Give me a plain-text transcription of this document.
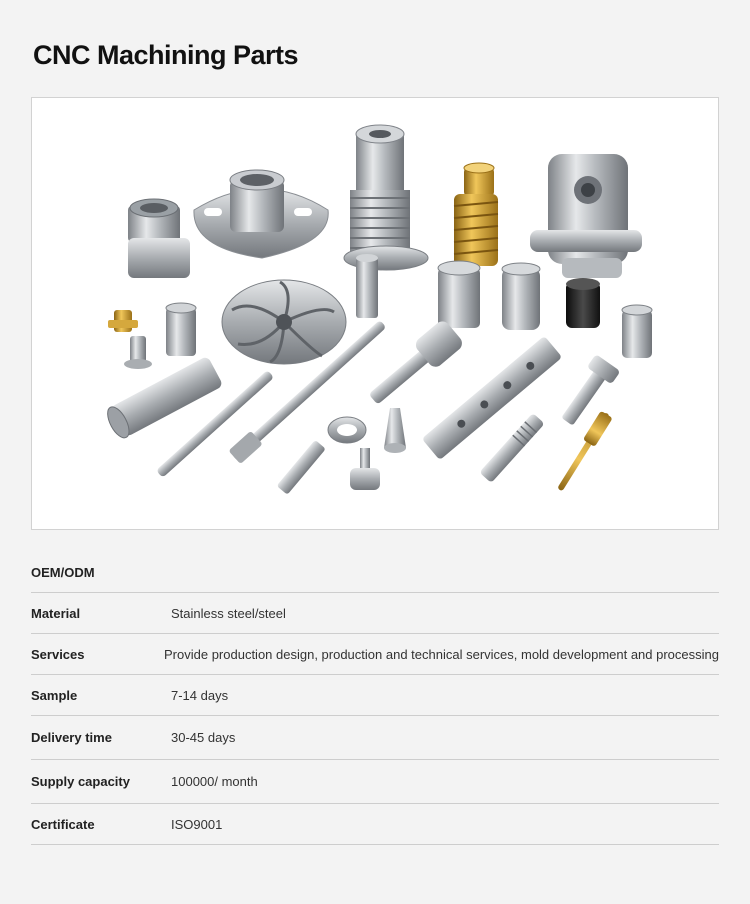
CNC Machining Parts
OEM/ODM
Material	Stainless steel/steel
Services	Provide production design, production and technical services, mold development and processing
Sample	7-14 days
Delivery time	30-45 days
Supply capacity	100000/ month
Certificate	ISO9001
